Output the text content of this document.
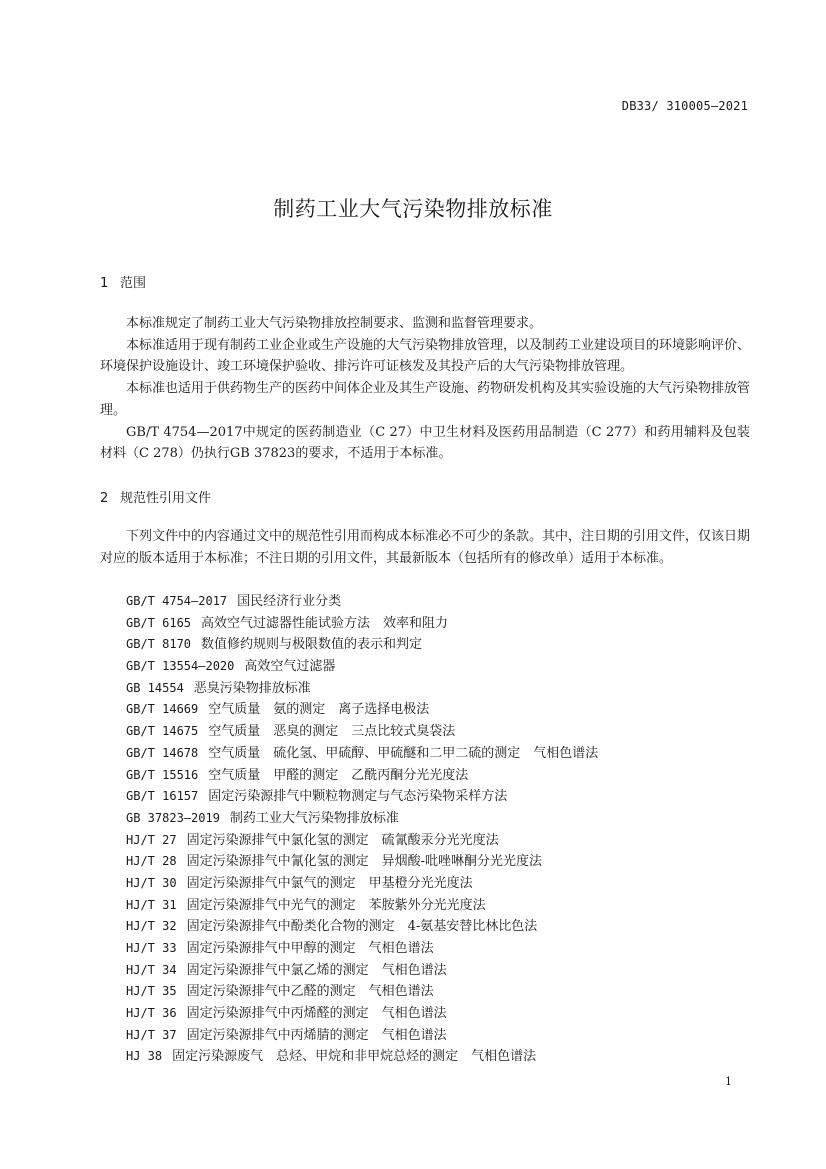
DB33/ 310005—2021
制药工业大气污染物排放标准
1 范围

本标准规定了制药工业大气污染物排放控制要求、监测和监督管理要求。

本标准适用于现有制药工业企业或生产设施的大气污染物排放管理，以及制药工业建设项目的环境影响评价、环境保护设施设计、竣工环境保护验收、排污许可证核发及其投产后的大气污染物排放管理。

本标准也适用于供药物生产的医药中间体企业及其生产设施、药物研发机构及其实验设施的大气污染物排放管理。

GB/T 4754—2017中规定的医药制造业（C 27）中卫生材料及医药用品制造（C 277）和药用辅料及包装材料（C 278）仍执行GB 37823的要求，不适用于本标准。

2 规范性引用文件

下列文件中的内容通过文中的规范性引用而构成本标准必不可少的条款。其中，注日期的引用文件，仅该日期对应的版本适用于本标准；不注日期的引用文件，其最新版本（包括所有的修改单）适用于本标准。

GB/T 4754—2017 国民经济行业分类
GB/T 6165 高效空气过滤器性能试验方法　效率和阻力
GB/T 8170 数值修约规则与极限数值的表示和判定
GB/T 13554—2020 高效空气过滤器
GB 14554 恶臭污染物排放标准
GB/T 14669 空气质量　氨的测定　离子选择电极法
GB/T 14675 空气质量　恶臭的测定　三点比较式臭袋法
GB/T 14678 空气质量　硫化氢、甲硫醇、甲硫醚和二甲二硫的测定　气相色谱法
GB/T 15516 空气质量　甲醛的测定　乙酰丙酮分光光度法
GB/T 16157 固定污染源排气中颗粒物测定与气态污染物采样方法
GB 37823—2019 制药工业大气污染物排放标准
HJ/T 27 固定污染源排气中氯化氢的测定　硫氰酸汞分光光度法
HJ/T 28 固定污染源排气中氰化氢的测定　异烟酸-吡唑啉酮分光光度法
HJ/T 30 固定污染源排气中氯气的测定　甲基橙分光光度法
HJ/T 31 固定污染源排气中光气的测定　苯胺紫外分光光度法
HJ/T 32 固定污染源排气中酚类化合物的测定　4-氨基安替比林比色法
HJ/T 33 固定污染源排气中甲醇的测定　气相色谱法
HJ/T 34 固定污染源排气中氯乙烯的测定　气相色谱法
HJ/T 35 固定污染源排气中乙醛的测定　气相色谱法
HJ/T 36 固定污染源排气中丙烯醛的测定　气相色谱法
HJ/T 37 固定污染源排气中丙烯腈的测定　气相色谱法
HJ 38 固定污染源废气　总烃、甲烷和非甲烷总烃的测定　气相色谱法
1
